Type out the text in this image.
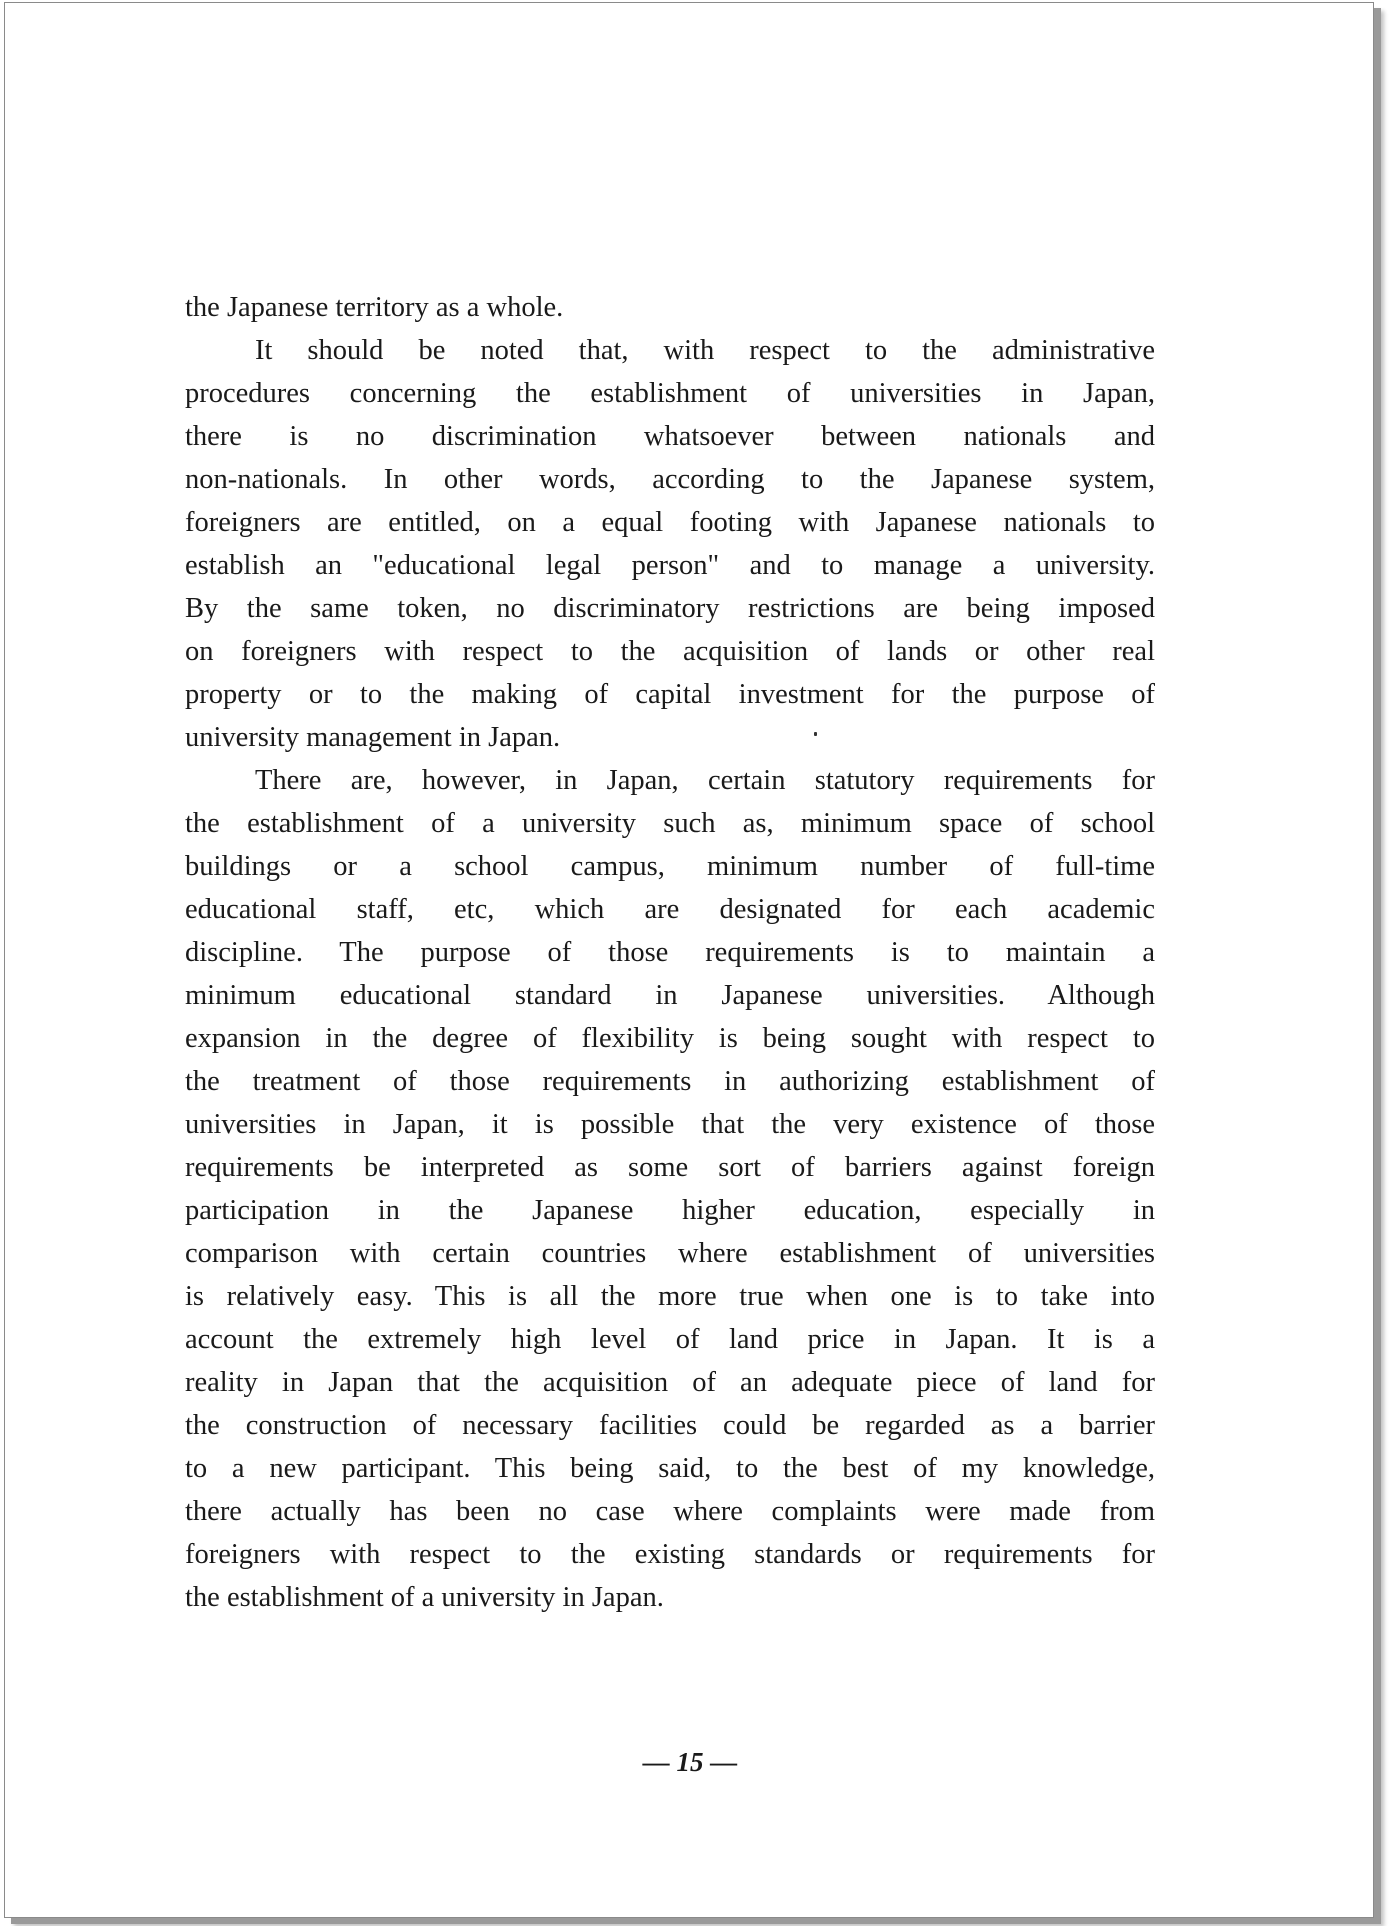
the Japanese territory as a whole.
It should be noted that, with respect to the administrative
procedures concerning the establishment of universities in Japan,
there is no discrimination whatsoever between nationals and
non-nationals. In other words, according to the Japanese system,
foreigners are entitled, on a equal footing with Japanese nationals to
establish an "educational legal person" and to manage a university.
By the same token, no discriminatory restrictions are being imposed
on foreigners with respect to the acquisition of lands or other real
property or to the making of capital investment for the purpose of
university management in Japan.
There are, however, in Japan, certain statutory requirements for
the establishment of a university such as, minimum space of school
buildings or a school campus, minimum number of full-time
educational staff, etc, which are designated for each academic
discipline. The purpose of those requirements is to maintain a
minimum educational standard in Japanese universities. Although
expansion in the degree of flexibility is being sought with respect to
the treatment of those requirements in authorizing establishment of
universities in Japan, it is possible that the very existence of those
requirements be interpreted as some sort of barriers against foreign
participation in the Japanese higher education, especially in
comparison with certain countries where establishment of universities
is relatively easy. This is all the more true when one is to take into
account the extremely high level of land price in Japan. It is a
reality in Japan that the acquisition of an adequate piece of land for
the construction of necessary facilities could be regarded as a barrier
to a new participant. This being said, to the best of my knowledge,
there actually has been no case where complaints were made from
foreigners with respect to the existing standards or requirements for
the establishment of a university in Japan.
— 15 —
